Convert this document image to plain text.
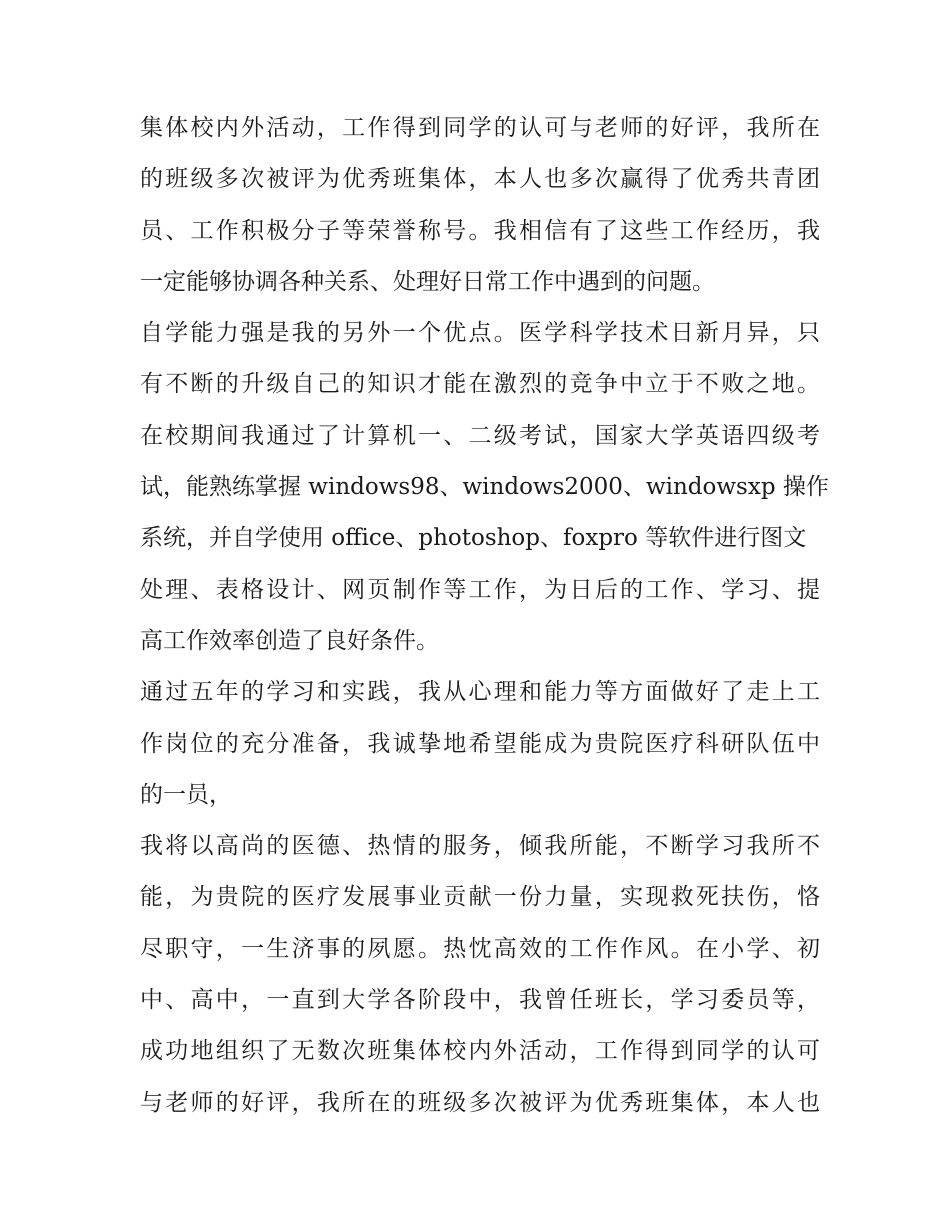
集体校内外活动，工作得到同学的认可与老师的好评，我所在
的班级多次被评为优秀班集体，本人也多次赢得了优秀共青团
员、工作积极分子等荣誉称号。我相信有了这些工作经历，我
一定能够协调各种关系、处理好日常工作中遇到的问题。
自学能力强是我的另外一个优点。医学科学技术日新月异，只
有不断的升级自己的知识才能在激烈的竞争中立于不败之地。
在校期间我通过了计算机一、二级考试，国家大学英语四级考
试，能熟练掌握 windows98、windows2000、windowsxp 操作
系统，并自学使用 office、photoshop、foxpro 等软件进行图文
处理、表格设计、网页制作等工作，为日后的工作、学习、提
高工作效率创造了良好条件。
通过五年的学习和实践，我从心理和能力等方面做好了走上工
作岗位的充分准备，我诚挚地希望能成为贵院医疗科研队伍中
的一员，
我将以高尚的医德、热情的服务，倾我所能，不断学习我所不
能，为贵院的医疗发展事业贡献一份力量，实现救死扶伤，恪
尽职守，一生济事的夙愿。热忱高效的工作作风。在小学、初
中、高中，一直到大学各阶段中，我曾任班长，学习委员等，
成功地组织了无数次班集体校内外活动，工作得到同学的认可
与老师的好评，我所在的班级多次被评为优秀班集体，本人也
